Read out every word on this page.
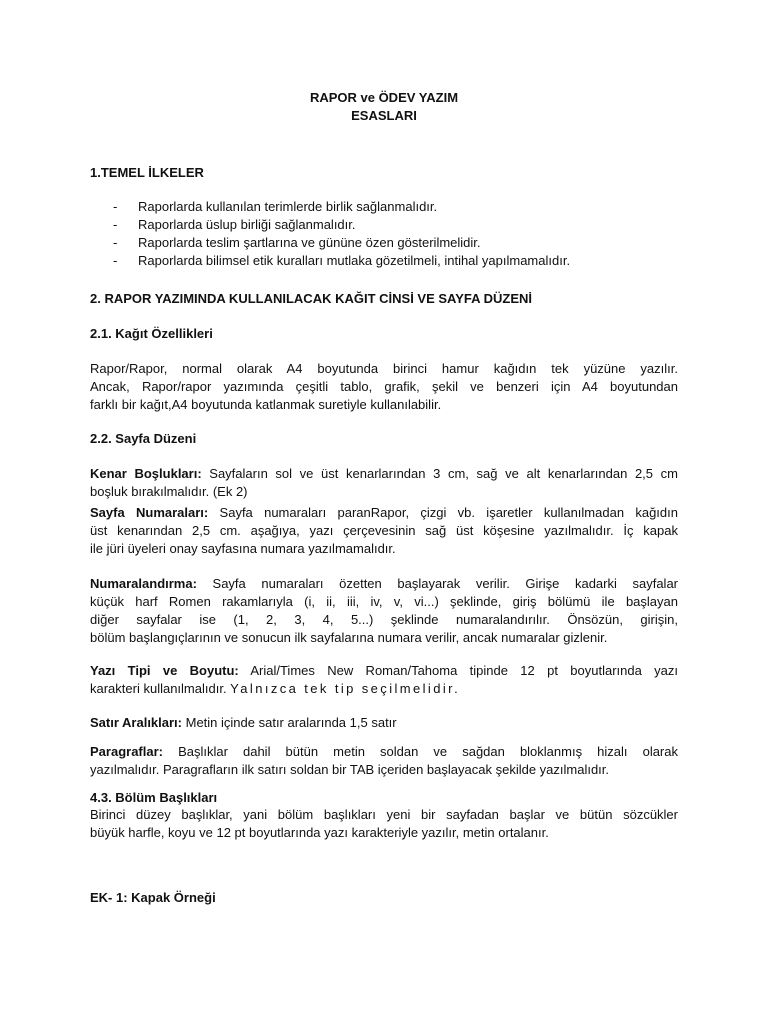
RAPOR ve ÖDEV YAZIM
ESASLARI
1.TEMEL İLKELER
- Raporlarda kullanılan terimlerde birlik sağlanmalıdır.
- Raporlarda üslup birliği sağlanmalıdır.
- Raporlarda teslim şartlarına ve gününe özen gösterilmelidir.
- Raporlarda bilimsel etik kuralları mutlaka gözetilmeli, intihal yapılmamalıdır.
2. RAPOR YAZIMINDA KULLANILACAK KAĞIT CİNSİ VE SAYFA DÜZENİ
2.1. Kağıt Özellikleri
Rapor/Rapor, normal olarak A4 boyutunda birinci hamur kağıdın tek yüzüne yazılır.
Ancak, Rapor/rapor yazımında çeşitli tablo, grafik, şekil ve benzeri için A4 boyutundan
farklı bir kağıt,A4 boyutunda katlanmak suretiyle kullanılabilir.
2.2. Sayfa Düzeni
Kenar Boşlukları: Sayfaların sol ve üst kenarlarından 3 cm, sağ ve alt kenarlarından 2,5 cm
boşluk bırakılmalıdır. (Ek 2)
Sayfa Numaraları: Sayfa numaraları paranRapor, çizgi vb. işaretler kullanılmadan kağıdın
üst kenarından 2,5 cm. aşağıya, yazı çerçevesinin sağ üst köşesine yazılmalıdır. İç kapak
ile jüri üyeleri onay sayfasına numara yazılmamalıdır.
Numaralandırma: Sayfa numaraları özetten başlayarak verilir. Girişe kadarki sayfalar
küçük harf Romen rakamlarıyla (i, ii, iii, iv, v, vi...) şeklinde, giriş bölümü ile başlayan
diğer sayfalar ise (1, 2, 3, 4, 5...) şeklinde numaralandırılır. Önsözün, girişin,
bölüm başlangıçlarının ve sonucun ilk sayfalarına numara verilir, ancak numaralar gizlenir.
Yazı Tipi ve Boyutu: Arial/Times New Roman/Tahoma tipinde 12 pt boyutlarında yazı
karakteri kullanılmalıdır. Yalnızca tek tip seçilmelidir.
Satır Aralıkları: Metin içinde satır aralarında 1,5 satır
Paragraflar: Başlıklar dahil bütün metin soldan ve sağdan bloklanmış hizalı olarak
yazılmalıdır. Paragrafların ilk satırı soldan bir TAB içeriden başlayacak şekilde yazılmalıdır.
4.3. Bölüm Başlıkları
Birinci düzey başlıklar, yani bölüm başlıkları yeni bir sayfadan başlar ve bütün sözcükler
büyük harfle, koyu ve 12 pt boyutlarında yazı karakteriyle yazılır, metin ortalanır.
EK- 1: Kapak Örneği
